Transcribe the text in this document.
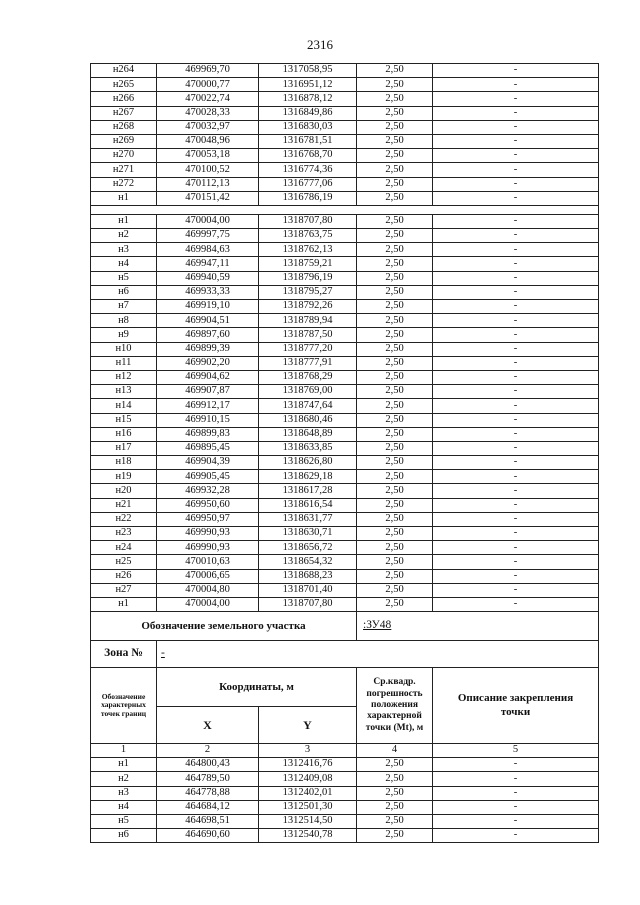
2316
н264	469969,70	1317058,95	2,50	-
н265	470000,77	1316951,12	2,50	-
н266	470022,74	1316878,12	2,50	-
н267	470028,33	1316849,86	2,50	-
н268	470032,97	1316830,03	2,50	-
н269	470048,96	1316781,51	2,50	-
н270	470053,18	1316768,70	2,50	-
н271	470100,52	1316774,36	2,50	-
н272	470112,13	1316777,06	2,50	-
н1	470151,42	1316786,19	2,50	-

н1	470004,00	1318707,80	2,50	-
н2	469997,75	1318763,75	2,50	-
н3	469984,63	1318762,13	2,50	-
н4	469947,11	1318759,21	2,50	-
н5	469940,59	1318796,19	2,50	-
н6	469933,33	1318795,27	2,50	-
н7	469919,10	1318792,26	2,50	-
н8	469904,51	1318789,94	2,50	-
н9	469897,60	1318787,50	2,50	-
н10	469899,39	1318777,20	2,50	-
н11	469902,20	1318777,91	2,50	-
н12	469904,62	1318768,29	2,50	-
н13	469907,87	1318769,00	2,50	-
н14	469912,17	1318747,64	2,50	-
н15	469910,15	1318680,46	2,50	-
н16	469899,83	1318648,89	2,50	-
н17	469895,45	1318633,85	2,50	-
н18	469904,39	1318626,80	2,50	-
н19	469905,45	1318629,18	2,50	-
н20	469932,28	1318617,28	2,50	-
н21	469950,60	1318616,54	2,50	-
н22	469950,97	1318631,77	2,50	-
н23	469990,93	1318630,71	2,50	-
н24	469990,93	1318656,72	2,50	-
н25	470010,63	1318654,32	2,50	-
н26	470006,65	1318688,23	2,50	-
н27	470004,80	1318701,40	2,50	-
н1	470004,00	1318707,80	2,50	-
Обозначение земельного участка			:ЗУ48	
Зона №	-			
Обозначение характерных точек границ	Координаты, м		Ср.квадр. погрешность положения характерной точки (Mt), м	Описание закрепления точки
	X	Y		
1	2	3	4	5
н1	464800,43	1312416,76	2,50	-
н2	464789,50	1312409,08	2,50	-
н3	464778,88	1312402,01	2,50	-
н4	464684,12	1312501,30	2,50	-
н5	464698,51	1312514,50	2,50	-
н6	464690,60	1312540,78	2,50	-
